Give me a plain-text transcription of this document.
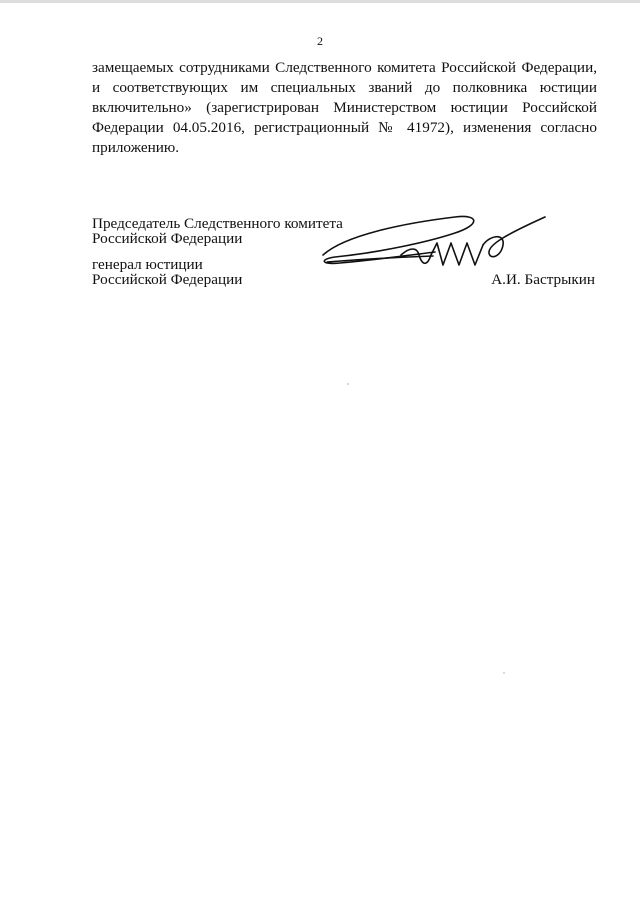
2
замещаемых сотрудниками Следственного комитета Российской Федерации,
и соответствующих им специальных званий до полковника юстиции
включительно» (зарегистрирован Министерством юстиции Российской
Федерации 04.05.2016, регистрационный № 41972), изменения согласно
приложению.
Председатель Следственного комитета
Российской Федерации
генерал юстиции
Российской Федерации	А.И. Бастрыкин
